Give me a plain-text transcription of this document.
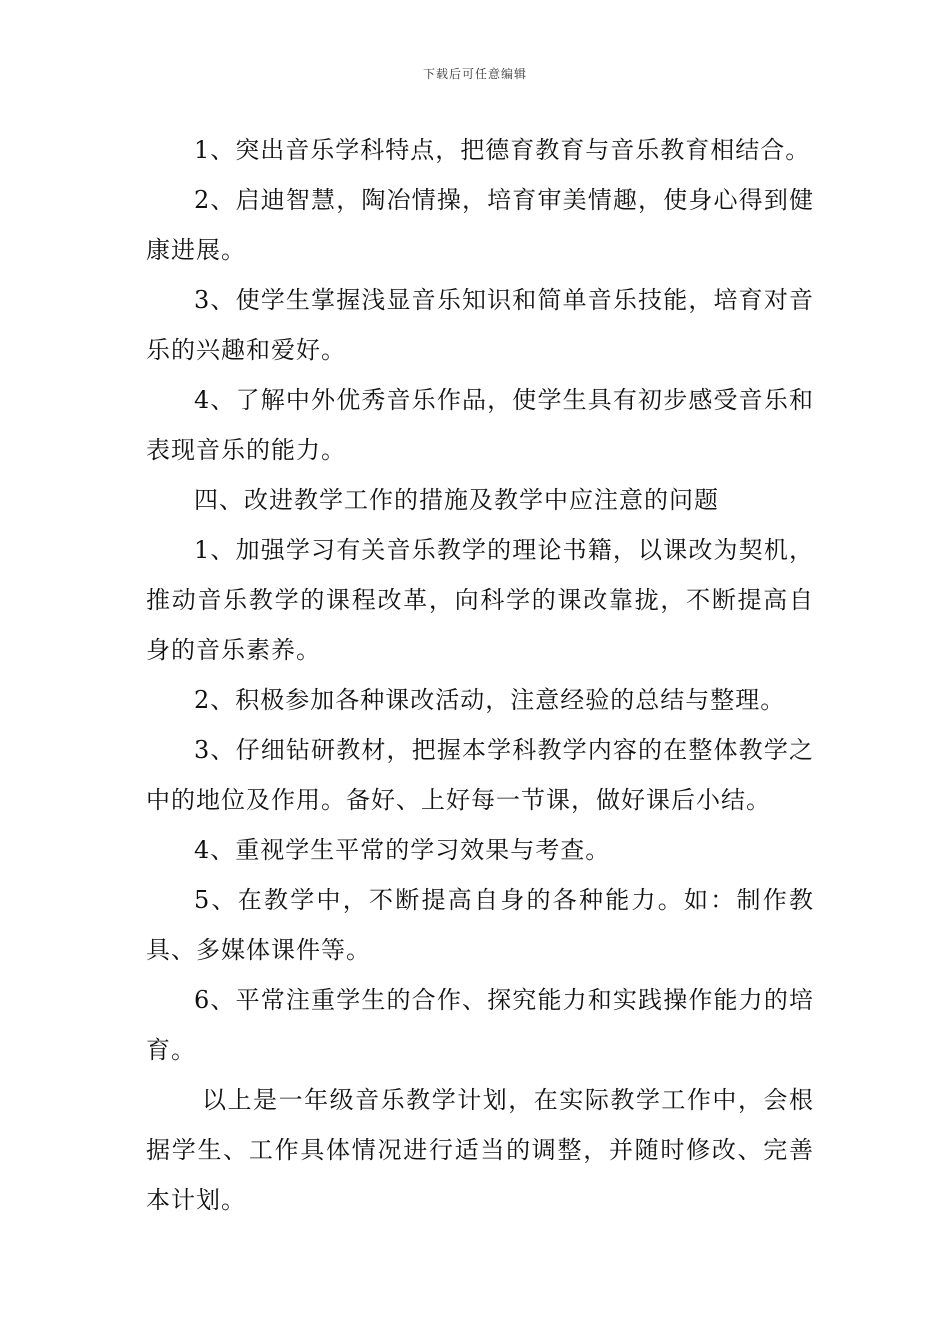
下载后可任意编辑

1、突出音乐学科特点，把德育教育与音乐教育相结合。

2、启迪智慧，陶冶情操，培育审美情趣，使身心得到健康进展。

3、使学生掌握浅显音乐知识和简单音乐技能，培育对音乐的兴趣和爱好。

4、了解中外优秀音乐作品，使学生具有初步感受音乐和表现音乐的能力。

四、改进教学工作的措施及教学中应注意的问题

1、加强学习有关音乐教学的理论书籍，以课改为契机，推动音乐教学的课程改革，向科学的课改靠拢，不断提高自身的音乐素养。

2、积极参加各种课改活动，注意经验的总结与整理。

3、仔细钻研教材，把握本学科教学内容的在整体教学之中的地位及作用。备好、上好每一节课，做好课后小结。

4、重视学生平常的学习效果与考查。

5、在教学中，不断提高自身的各种能力。如：制作教具、多媒体课件等。

6、平常注重学生的合作、探究能力和实践操作能力的培育。

以上是一年级音乐教学计划，在实际教学工作中，会根据学生、工作具体情况进行适当的调整，并随时修改、完善本计划。
